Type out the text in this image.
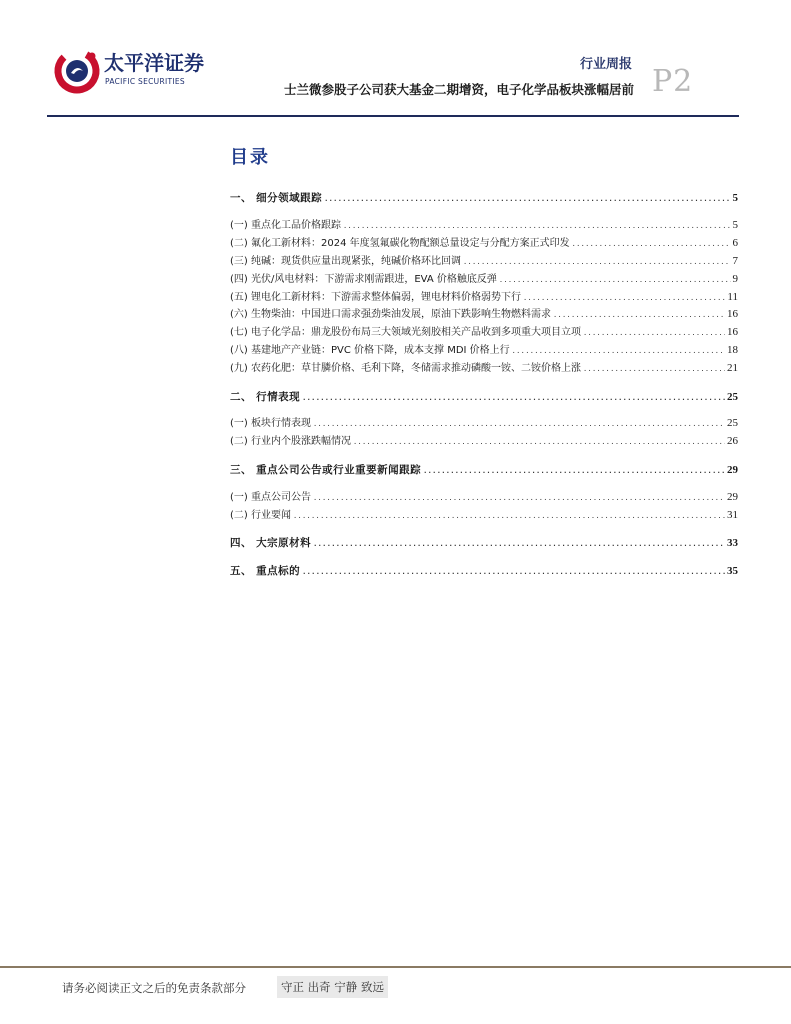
太平洋证券
PACIFIC SECURITIES
行业周报 P2
士兰微参股子公司获大基金二期增资，电子化学品板块涨幅居前
目录
一、 细分领域跟踪 .....	5
(一) 重点化工品价格跟踪 .....	5
(二) 氟化工新材料：2024 年度氢氟碳化物配额总量设定与分配方案正式印发 .....	6
(三) 纯碱：现货供应量出现紧张，纯碱价格环比回调 .....	7
(四) 光伏/风电材料：下游需求刚需跟进，EVA 价格触底反弹 .....	9
(五) 锂电化工新材料：下游需求整体偏弱，锂电材料价格弱势下行 .....	11
(六) 生物柴油：中国进口需求强劲柴油发展，原油下跌影响生物燃料需求 .....	16
(七) 电子化学品：鼎龙股份布局三大领域光刻胶相关产品收到多项重大项目立项 .....	16
(八) 基建地产产业链：PVC 价格下降，成本支撑 MDI 价格上行 .....	18
(九) 农药化肥：草甘膦价格、毛利下降，冬储需求推动磷酸一铵、二铵价格上涨 .....	21
二、 行情表现 .....	25
(一) 板块行情表现 .....	25
(二) 行业内个股涨跌幅情况 .....	26
三、 重点公司公告或行业重要新闻跟踪 .....	29
(一) 重点公司公告 .....	29
(二) 行业要闻 .....	31
四、 大宗原材料 .....	33
五、 重点标的 .....	35
请务必阅读正文之后的免责条款部分	守正 出奇 宁静 致远
